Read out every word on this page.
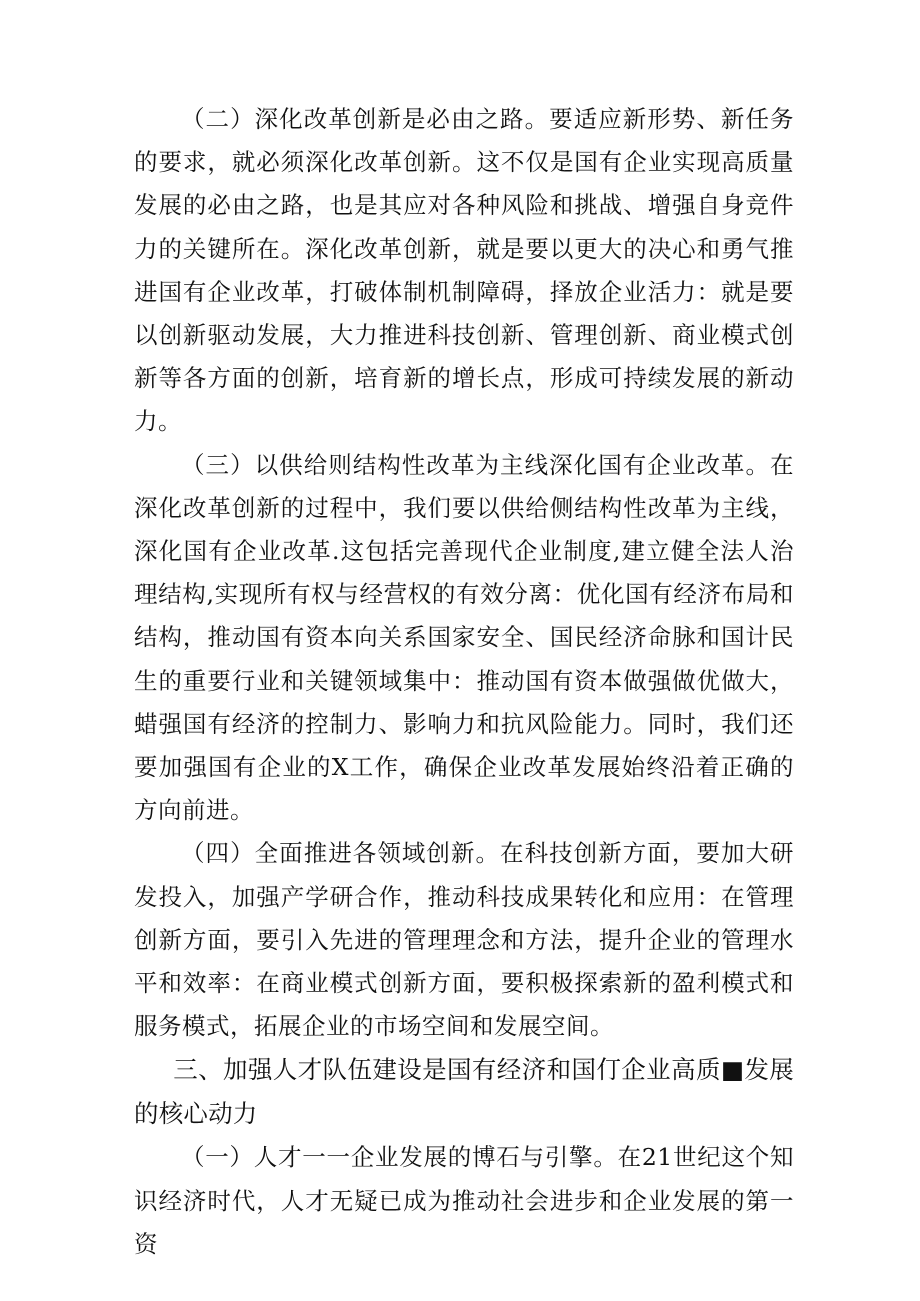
（二）深化改革创新是必由之路。要适应新形势、新任务的要求，就必须深化改革创新。这不仅是国有企业实现高质量发展的必由之路，也是其应对各种风险和挑战、增强自身竞件力的关键所在。深化改革创新，就是要以更大的决心和勇气推进国有企业改革，打破体制机制障碍，择放企业活力：就是要以创新驱动发展，大力推进科技创新、管理创新、商业模式创新等各方面的创新，培育新的增长点，形成可持续发展的新动力。

（三）以供给则结构性改革为主线深化国有企业改革。在深化改革创新的过程中，我们要以供给侧结构性改革为主线，深化国有企业改革.这包括完善现代企业制度,建立健全法人治理结构,实现所有权与经营权的有效分离：优化国有经济布局和结构，推动国有资本向关系国家安全、国民经济命脉和国计民生的重要行业和关键领域集中：推动国有资本做强做优做大，蜡强国有经济的控制力、影响力和抗风险能力。同时，我们还要加强国有企业的X工作，确保企业改革发展始终沿着正确的方向前进。

（四）全面推进各领域创新。在科技创新方面，要加大研发投入，加强产学研合作，推动科技成果转化和应用：在管理创新方面，要引入先进的管理理念和方法，提升企业的管理水平和效率：在商业模式创新方面，要积极探索新的盈利模式和服务模式，拓展企业的市场空间和发展空间。

三、加强人才队伍建设是国有经济和国仃企业高质■发展的核心动力

（一）人才一一企业发展的博石与引擎。在21世纪这个知识经济时代，人才无疑已成为推动社会进步和企业发展的第一资
